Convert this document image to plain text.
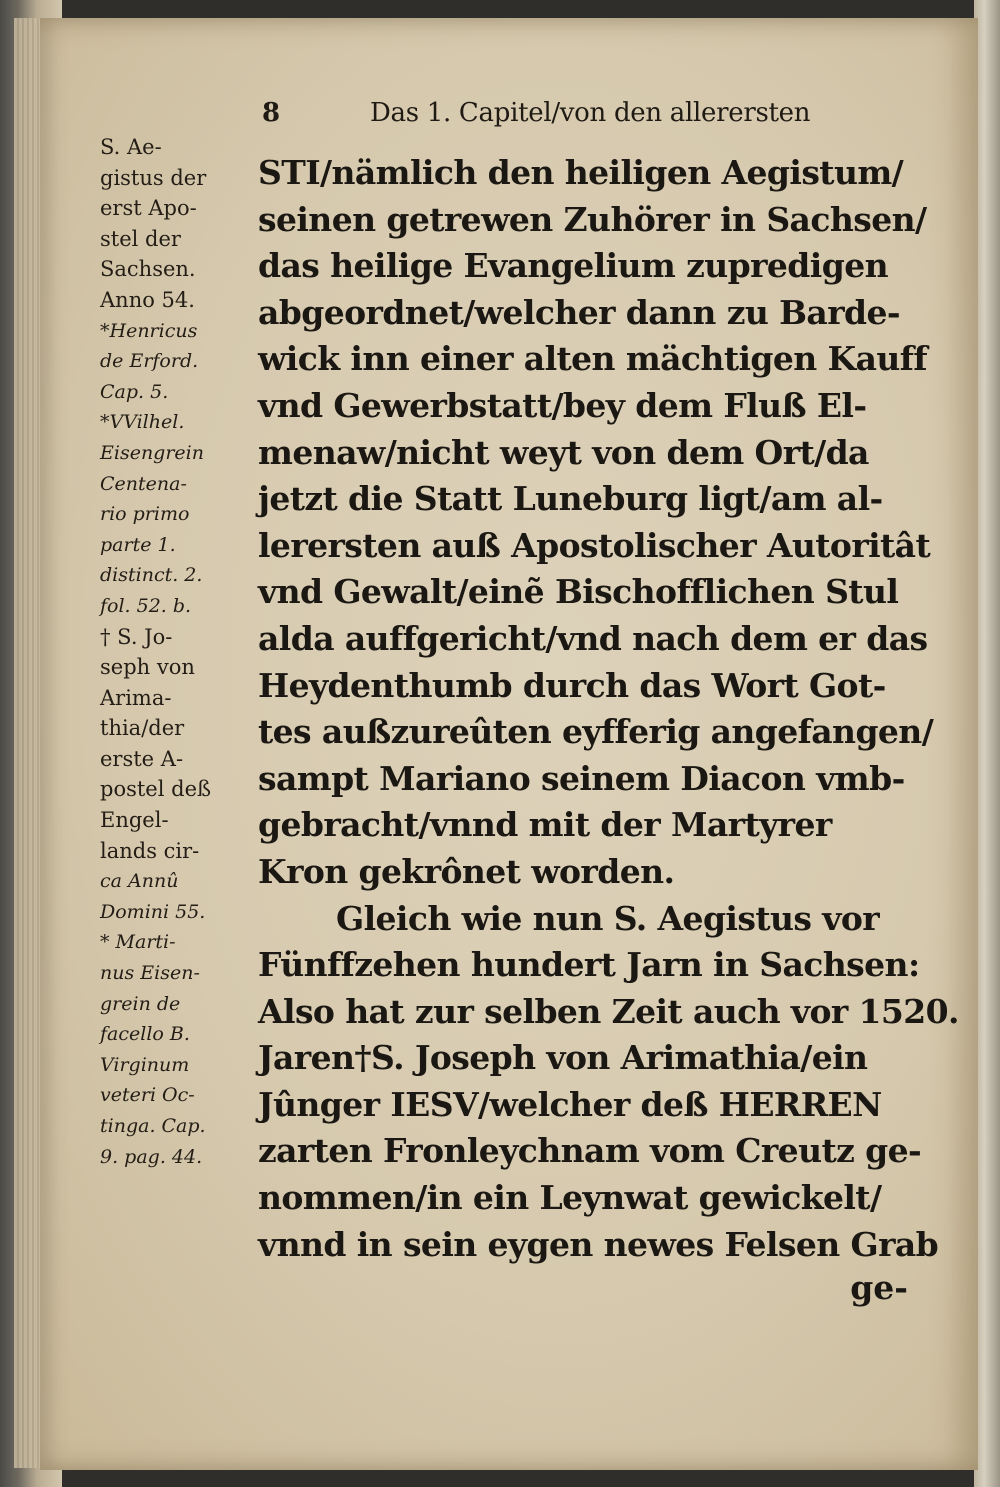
8	Das 1. Capitel/von den allerersten
S. Ae-
gistus der
erst Apo-
stel der
Sachsen.
Anno 54.
*Henricus
de Erford.
Cap. 5.
*VVilhel.
Eisengrein
Centena-
rio primo
parte 1.
distinct. 2.
fol. 52. b.
† S. Jo-
seph von
Arima-
thia/der
erste A-
postel deß
Engel-
lands cir-
ca Annû
Domini 55.
* Marti-
nus Eisen-
grein de
facello B.
Virginum
veteri Oc-
tinga. Cap.
9. pag. 44.
STI/nämlich den heiligen Aegistum/
seinen getrewen Zuhörer in Sachsen/
das heilige Evangelium zupredigen
abgeordnet/welcher dann zu Barde-
wick inn einer alten mächtigen Kauff
vnd Gewerbstatt/bey dem Fluß El-
menaw/nicht weyt von dem Ort/da
jetzt die Statt Luneburg ligt/am al-
lerersten auß Apostolischer Autoritât
vnd Gewalt/einẽ Bischofflichen Stul
alda auffgericht/vnd nach dem er das
Heydenthumb durch das Wort Got-
tes außzureûten eyfferig angefangen/
sampt Mariano seinem Diacon vmb-
gebracht/vnnd mit der Martyrer
Kron gekrônet worden.
Gleich wie nun S. Aegistus vor
Fünffzehen hundert Jarn in Sachsen:
Also hat zur selben Zeit auch vor 1520.
Jaren†S. Joseph von Arimathia/ein
Jûnger IESV/welcher deß HERREN
zarten Fronleychnam vom Creutz ge-
nommen/in ein Leynwat gewickelt/
vnnd in sein eygen newes Felsen Grab
ge-
